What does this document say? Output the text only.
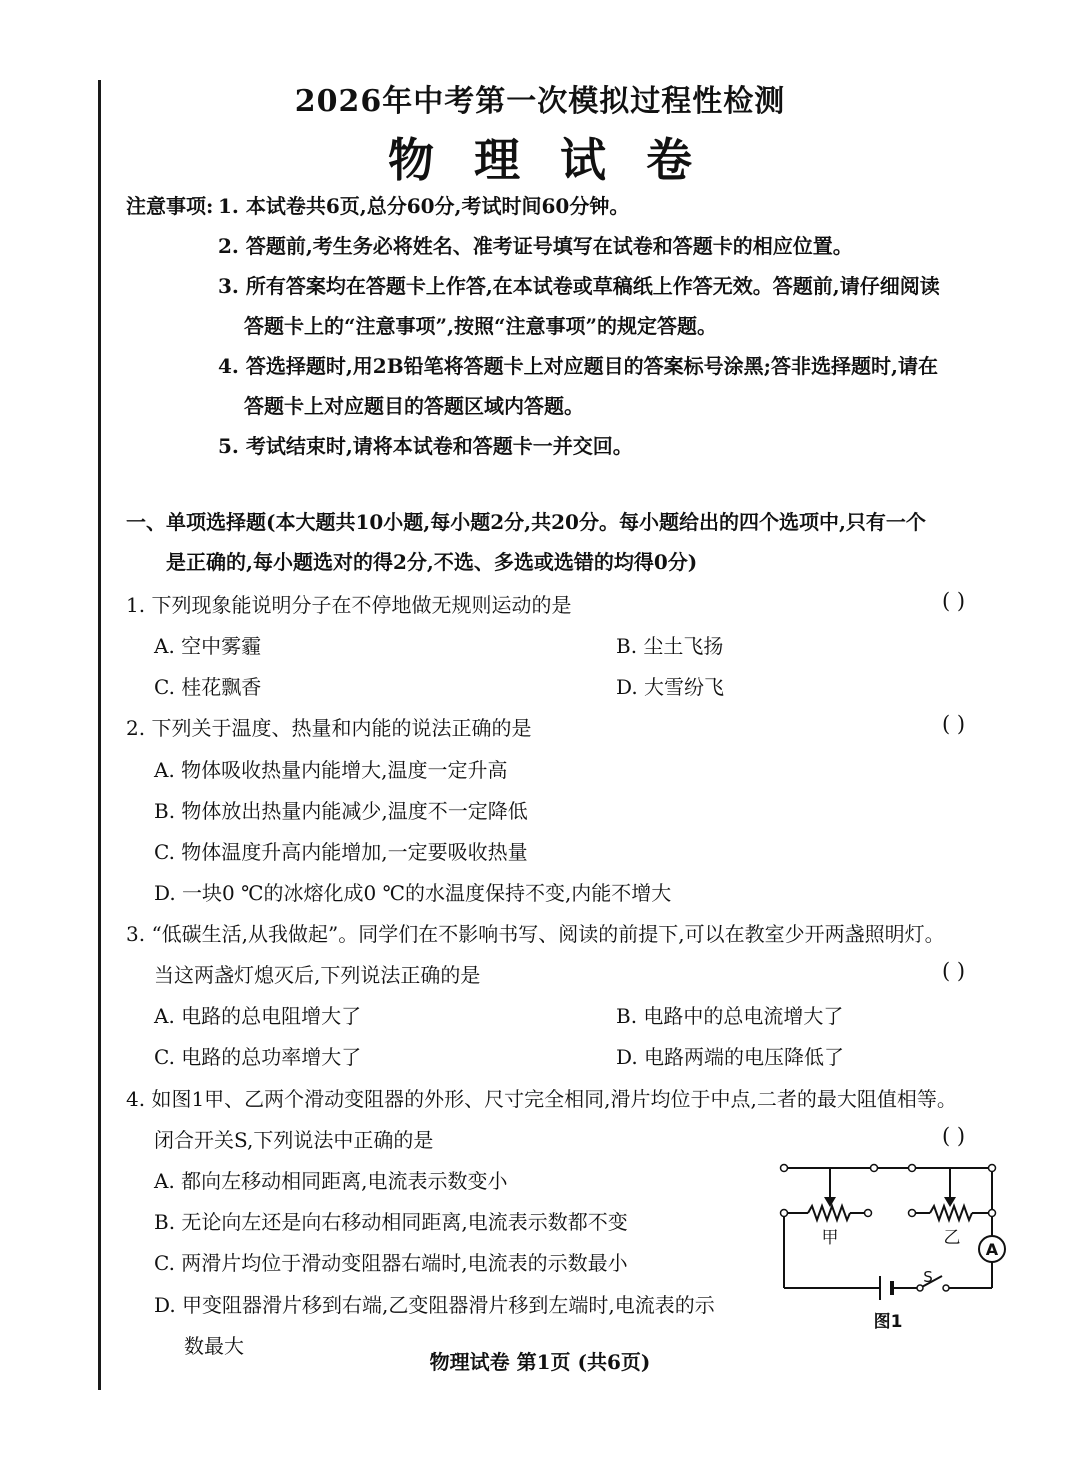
2026年中考第一次模拟过程性检测
物理试卷
注意事项: 1. 本试卷共6页,总分60分,考试时间60分钟。
2. 答题前,考生务必将姓名、准考证号填写在试卷和答题卡的相应位置。
3. 所有答案均在答题卡上作答,在本试卷或草稿纸上作答无效。答题前,请仔细阅读
答题卡上的“注意事项”,按照“注意事项”的规定答题。
4. 答选择题时,用2B铅笔将答题卡上对应题目的答案标号涂黑;答非选择题时,请在
答题卡上对应题目的答题区域内答题。
5. 考试结束时,请将本试卷和答题卡一并交回。
一、单项选择题(本大题共10小题,每小题2分,共20分。每小题给出的四个选项中,只有一个
是正确的,每小题选对的得2分,不选、多选或选错的均得0分)
1. 下列现象能说明分子在不停地做无规则运动的是	( )
A. 空中雾霾	B. 尘土飞扬
C. 桂花飘香	D. 大雪纷飞
2. 下列关于温度、热量和内能的说法正确的是	( )
A. 物体吸收热量内能增大,温度一定升高
B. 物体放出热量内能减少,温度不一定降低
C. 物体温度升高内能增加,一定要吸收热量
D. 一块0 ℃的冰熔化成0 ℃的水温度保持不变,内能不增大
3. “低碳生活,从我做起”。同学们在不影响书写、阅读的前提下,可以在教室少开两盏照明灯。
当这两盏灯熄灭后,下列说法正确的是	( )
A. 电路的总电阻增大了	B. 电路中的总电流增大了
C. 电路的总功率增大了	D. 电路两端的电压降低了
4. 如图1甲、乙两个滑动变阻器的外形、尺寸完全相同,滑片均位于中点,二者的最大阻值相等。
闭合开关S,下列说法中正确的是	( )
A. 都向左移动相同距离,电流表示数变小
B. 无论向左还是向右移动相同距离,电流表示数都不变
C. 两滑片均位于滑动变阻器右端时,电流表的示数最小
D. 甲变阻器滑片移到右端,乙变阻器滑片移到左端时,电流表的示
数最大
A
甲	乙
S
图1
物理试卷 第1页 (共6页)
